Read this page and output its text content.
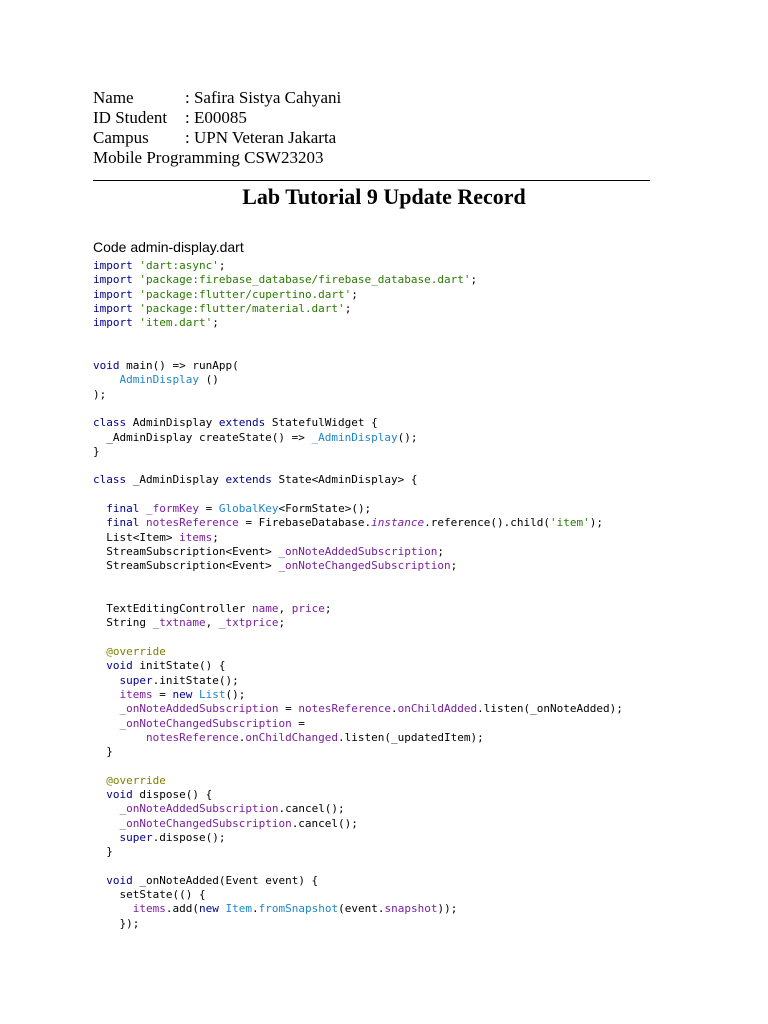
Name	: Safira Sistya Cahyani
ID Student	: E00085
Campus	: UPN Veteran Jakarta
Mobile Programming CSW23203
Lab Tutorial 9 Update Record
Code admin-display.dart
import 'dart:async';
import 'package:firebase_database/firebase_database.dart';
import 'package:flutter/cupertino.dart';
import 'package:flutter/material.dart';
import 'item.dart';

void main() => runApp(
AdminDisplay ()
);

class AdminDisplay extends StatefulWidget {
_AdminDisplay createState() => _AdminDisplay();
}

class _AdminDisplay extends State<AdminDisplay> {

final _formKey = GlobalKey<FormState>();
final notesReference = FirebaseDatabase.instance.reference().child('item');
List<Item> items;
StreamSubscription<Event> _onNoteAddedSubscription;
StreamSubscription<Event> _onNoteChangedSubscription;

TextEditingController name, price;
String _txtname, _txtprice;

@override
void initState() {
super.initState();
items = new List();
_onNoteAddedSubscription = notesReference.onChildAdded.listen(_onNoteAdded);
_onNoteChangedSubscription =
notesReference.onChildChanged.listen(_updatedItem);
}

@override
void dispose() {
_onNoteAddedSubscription.cancel();
_onNoteChangedSubscription.cancel();
super.dispose();
}

void _onNoteAdded(Event event) {
setState(() {
items.add(new Item.fromSnapshot(event.snapshot));
});
